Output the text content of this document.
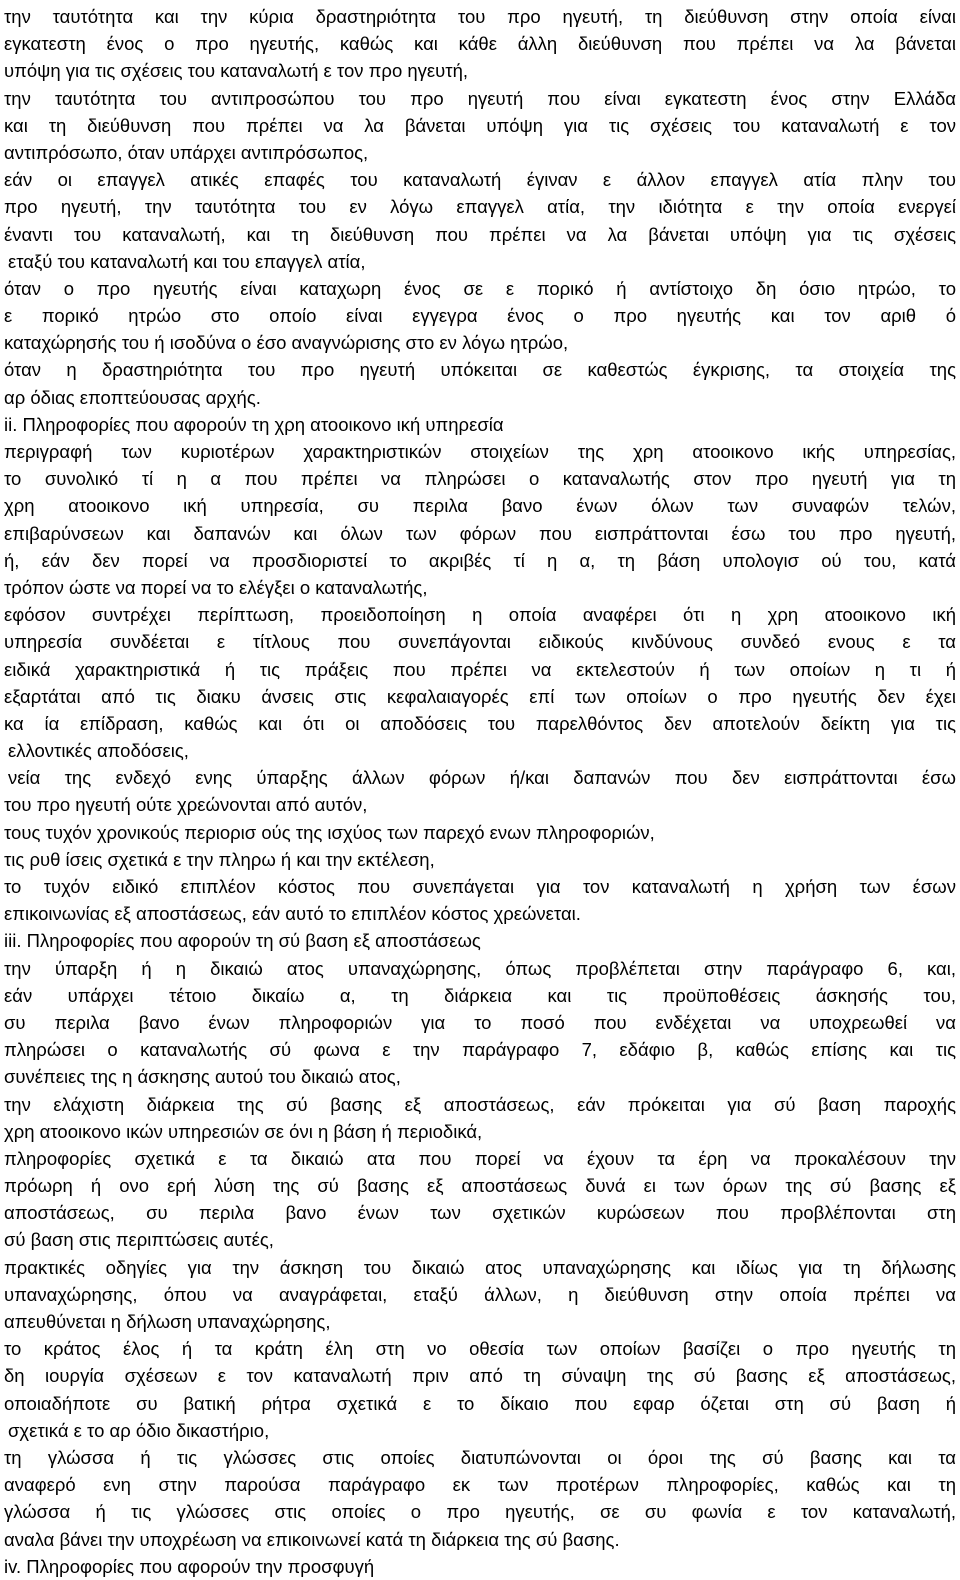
την ταυτότητα και την κύρια δραστηριότητα του προ ηγευτή, τη διεύθυνση στην οποία είναι
εγκατεστη ένος ο προ ηγευτής, καθώς και κάθε άλλη διεύθυνση που πρέπει να λα βάνεται
υπόψη για τις σχέσεις του καταναλωτή ε τον προ ηγευτή,
την ταυτότητα του αντιπροσώπου του προ ηγευτή που είναι εγκατεστη ένος στην Ελλάδα
και τη διεύθυνση που πρέπει να λα βάνεται υπόψη για τις σχέσεις του καταναλωτή ε τον
αντιπρόσωπο, όταν υπάρχει αντιπρόσωπος,
εάν οι επαγγελ ατικές επαφές του καταναλωτή έγιναν ε άλλον επαγγελ ατία πλην του
προ ηγευτή, την ταυτότητα του εν λόγω επαγγελ ατία, την ιδιότητα ε την οποία ενεργεί
έναντι του καταναλωτή, και τη διεύθυνση που πρέπει να λα βάνεται υπόψη για τις σχέσεις
εταξύ του καταναλωτή και του επαγγελ ατία,
όταν ο προ ηγευτής είναι καταχωρη ένος σε ε πορικό ή αντίστοιχο δη όσιο ητρώο, το
ε πορικό ητρώο στο οποίο είναι εγγεγρα ένος ο προ ηγευτής και τον αριθ ό
καταχώρησής του ή ισοδύνα ο έσο αναγνώρισης στο εν λόγω ητρώο,
όταν η δραστηριότητα του προ ηγευτή υπόκειται σε καθεστώς έγκρισης, τα στοιχεία της
αρ όδιας εποπτεύουσας αρχής.
ii. Πληροφορίες που αφορούν τη χρη ατοοικονο ική υπηρεσία
περιγραφή των κυριοτέρων χαρακτηριστικών στοιχείων της χρη ατοοικονο ικής υπηρεσίας,
το συνολικό τί η α που πρέπει να πληρώσει ο καταναλωτής στον προ ηγευτή για τη
χρη ατοοικονο ική υπηρεσία, συ περιλα βανο ένων όλων των συναφών τελών,
επιβαρύνσεων και δαπανών και όλων των φόρων που εισπράττονται έσω του προ ηγευτή,
ή, εάν δεν πορεί να προσδιοριστεί το ακριβές τί η α, τη βάση υπολογισ ού του, κατά
τρόπον ώστε να πορεί να το ελέγξει ο καταναλωτής,
εφόσον συντρέχει περίπτωση, προειδοποίηση η οποία αναφέρει ότι η χρη ατοοικονο ική
υπηρεσία συνδέεται ε τίτλους που συνεπάγονται ειδικούς κινδύνους συνδεό ενους ε τα
ειδικά χαρακτηριστικά ή τις πράξεις που πρέπει να εκτελεστούν ή των οποίων η τι ή
εξαρτάται από τις διακυ άνσεις στις κεφαλαιαγορές επί των οποίων ο προ ηγευτής δεν έχει
κα ία επίδραση, καθώς και ότι οι αποδόσεις του παρελθόντος δεν αποτελούν δείκτη για τις
ελλοντικές αποδόσεις,
νεία της ενδεχό ενης ύπαρξης άλλων φόρων ή/και δαπανών που δεν εισπράττονται έσω
του προ ηγευτή ούτε χρεώνονται από αυτόν,
τους τυχόν χρονικούς περιορισ ούς της ισχύος των παρεχό ενων πληροφοριών,
τις ρυθ ίσεις σχετικά ε την πληρω ή και την εκτέλεση,
το τυχόν ειδικό επιπλέον κόστος που συνεπάγεται για τον καταναλωτή η χρήση των έσων
επικοινωνίας εξ αποστάσεως, εάν αυτό το επιπλέον κόστος χρεώνεται.
iii. Πληροφορίες που αφορούν τη σύ βαση εξ αποστάσεως
την ύπαρξη ή η δικαιώ ατος υπαναχώρησης, όπως προβλέπεται στην παράγραφο 6, και,
εάν υπάρχει τέτοιο δικαίω α, τη διάρκεια και τις προϋποθέσεις άσκησής του,
συ περιλα βανο ένων πληροφοριών για το ποσό που ενδέχεται να υποχρεωθεί να
πληρώσει ο καταναλωτής σύ φωνα ε την παράγραφο 7, εδάφιο β, καθώς επίσης και τις
συνέπειες της η άσκησης αυτού του δικαιώ ατος,
την ελάχιστη διάρκεια της σύ βασης εξ αποστάσεως, εάν πρόκειται για σύ βαση παροχής
χρη ατοοικονο ικών υπηρεσιών σε όνι η βάση ή περιοδικά,
πληροφορίες σχετικά ε τα δικαιώ ατα που πορεί να έχουν τα έρη να προκαλέσουν την
πρόωρη ή ονο ερή λύση της σύ βασης εξ αποστάσεως δυνά ει των όρων της σύ βασης εξ
αποστάσεως, συ περιλα βανο ένων των σχετικών κυρώσεων που προβλέπονται στη
σύ βαση στις περιπτώσεις αυτές,
πρακτικές οδηγίες για την άσκηση του δικαιώ ατος υπαναχώρησης και ιδίως για τη δήλωσης
υπαναχώρησης, όπου να αναγράφεται, εταξύ άλλων, η διεύθυνση στην οποία πρέπει να
απευθύνεται η δήλωση υπαναχώρησης,
το κράτος έλος ή τα κράτη έλη στη νο οθεσία των οποίων βασίζει ο προ ηγευτής τη
δη ιουργία σχέσεων ε τον καταναλωτή πριν από τη σύναψη της σύ βασης εξ αποστάσεως,
οποιαδήποτε συ βατική ρήτρα σχετικά ε το δίκαιο που εφαρ όζεται στη σύ βαση ή
σχετικά ε το αρ όδιο δικαστήριο,
τη γλώσσα ή τις γλώσσες στις οποίες διατυπώνονται οι όροι της σύ βασης και τα
αναφερό ενη στην παρούσα παράγραφο εκ των προτέρων πληροφορίες, καθώς και τη
γλώσσα ή τις γλώσσες στις οποίες ο προ ηγευτής, σε συ φωνία ε τον καταναλωτή,
αναλα βάνει την υποχρέωση να επικοινωνεί κατά τη διάρκεια της σύ βασης.
iv. Πληροφορίες που αφορούν την προσφυγή
